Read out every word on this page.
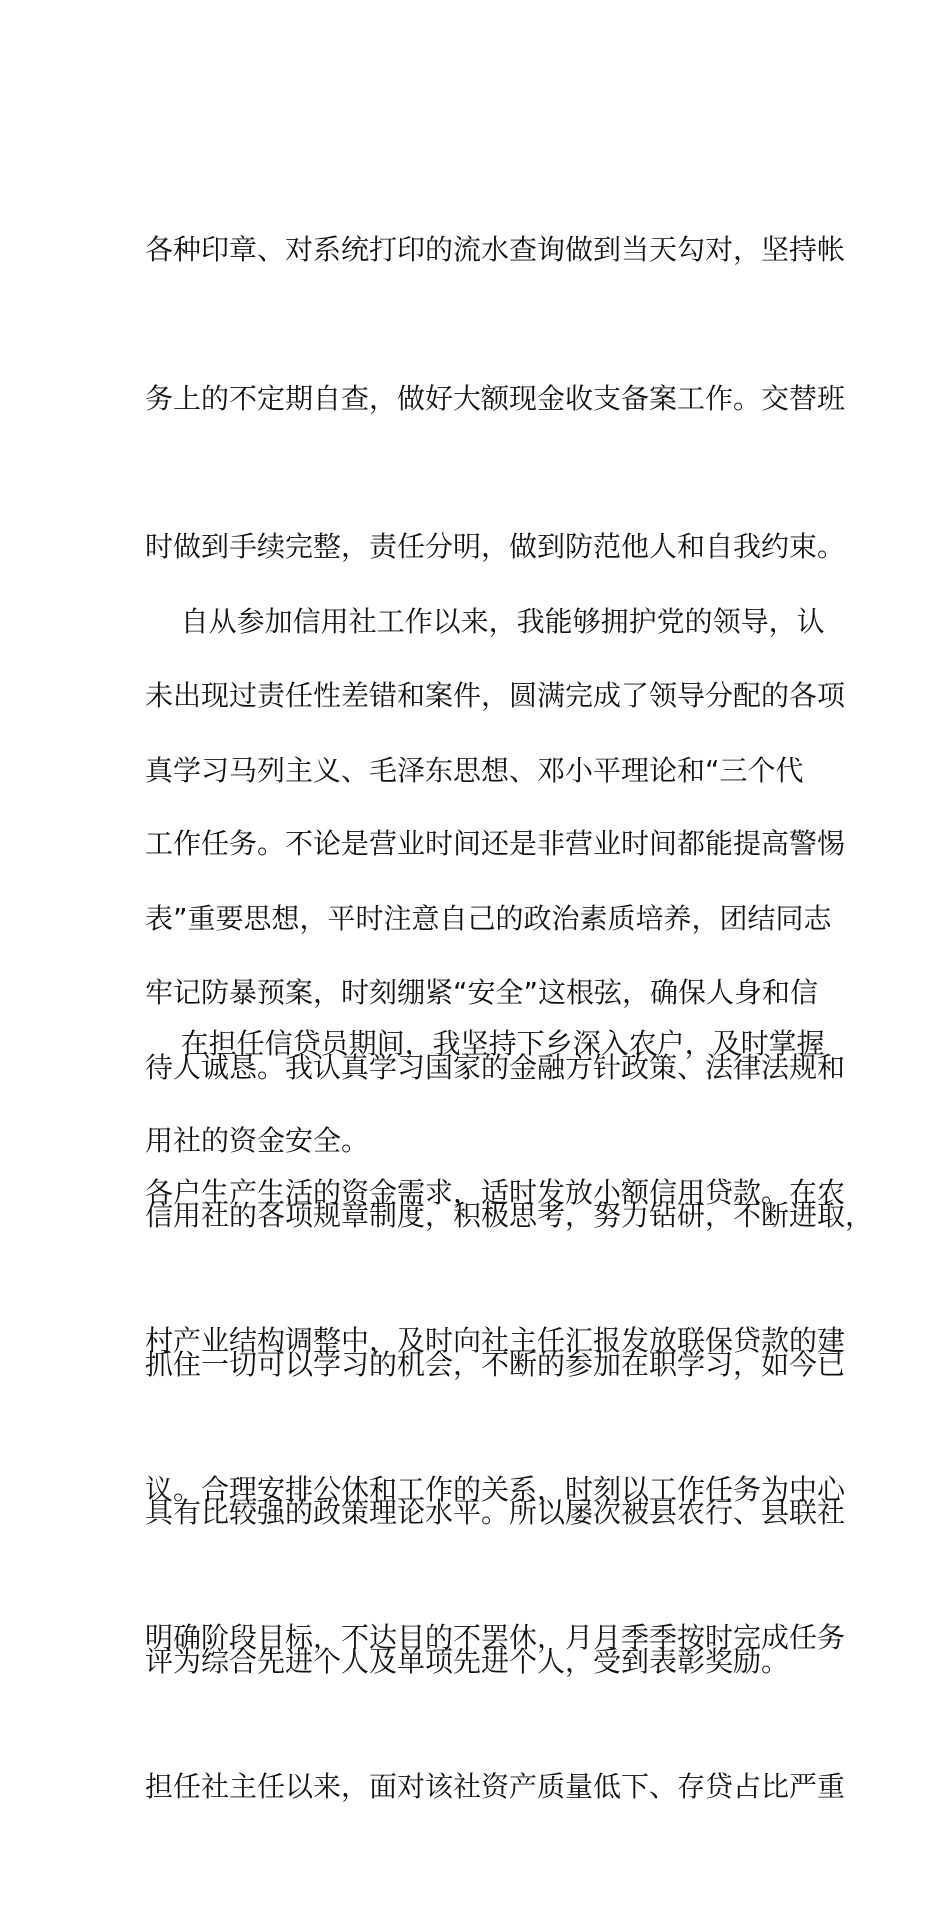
各种印章、对系统打印的流水查询做到当天勾对，坚持帐

务上的不定期自查，做好大额现金收支备案工作。交替班

时做到手续完整，责任分明，做到防范他人和自我约束。

未出现过责任性差错和案件，圆满完成了领导分配的各项

工作任务。不论是营业时间还是非营业时间都能提高警惕

牢记防暴预案，时刻绷紧“安全”这根弦，确保人身和信

用社的资金安全。

自从参加信用社工作以来，我能够拥护党的领导，认

真学习马列主义、毛泽东思想、邓小平理论和“三个代

表”重要思想，平时注意自己的政治素质培养，团结同志

待人诚恳。我认真学习国家的金融方针政策、法律法规和

信用社的各项规章制度，积极思考，努力钻研，不断进取，

抓住一切可以学习的机会，不断的参加在职学习，如今已

具有比较强的政策理论水平。所以屡次被县农行、县联社

评为综合先进个人及单项先进个人，受到表彰奖励。

在担任信贷员期间，我坚持下乡深入农户，及时掌握

各户生产生活的资金需求，适时发放小额信用贷款。在农

村产业结构调整中，及时向社主任汇报发放联保贷款的建

议。合理安排公休和工作的关系，时刻以工作任务为中心

明确阶段目标，不达目的不罢休，月月季季按时完成任务

担任社主任以来，面对该社资产质量低下、存贷占比严重
